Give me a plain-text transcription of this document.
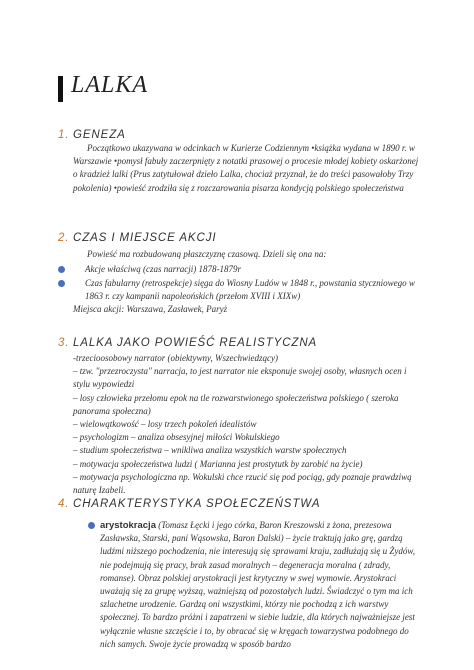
LALKA
1. GENEZA

Początkowo ukazywana w odcinkach w Kurierze Codziennym •książka wydana w 1890 r. w Warszawie •pomysł fabuły zaczerpnięty z notatki prasowej o procesie młodej kobiety oskarżonej o kradzież lalki (Prus zatytułował dzieło Lalka, chociaż przyznał, że do treści pasowałoby Trzy pokolenia) •powieść zrodziła się z rozczarowania pisarza kondycją polskiego społeczeństwa

2. CZAS I MIEJSCE AKCJI

Powieść ma rozbudowaną płaszczyznę czasową. Dzieli się ona na:

Akcje właściwą (czas narracji) 1878-1879r

Czas fabularny (retrospekcje) sięga do Wiosny Ludów w 1848 r., powstania styczniowego w 1863 r. czy kampanii napoleońskich (przełom XVIII i XIXw)

Miejsca akcji: Warszawa, Zasławek, Paryż

3. LALKA JAKO POWIEŚĆ REALISTYCZNA
-trzecioosobowy narrator (obiektywny, Wszechwiedzący)
– tzw. "przezroczysta" narracja, to jest narrator nie eksponuje swojej osoby, własnych ocen i stylu wypowiedzi
– losy człowieka przełomu epok na tle rozwarstwionego społeczeństwa polskiego ( szeroka panorama społeczna)
– wielowątkowość – losy trzech pokoleń idealistów
– psychologizm – analiza obsesyjnej miłości Wokulskiego
– studium społeczeństwa – wnikliwa analiza wszystkich warstw społecznych
– motywacja społeczeństwa ludzi ( Marianna jest prostytutk by zarobić na życie)
– motywacja psychologiczna np. Wokulski chce rzucić się pod pociąg, gdy poznaje prawdziwą naturę Izabeli.
4. CHARAKTERYSTYKA SPOŁECZEŃSTWA

arystokracja (Tomasz Łęcki i jego córka, Baron Kreszowski z żona, prezesowa Zasławska, Starski, pani Wąsowska, Baron Dalski) – życie traktują jako grę, gardzą ludźmi niższego pochodzenia, nie interesują się sprawami kraju, zadłużają się u Żydów, nie podejmują się pracy, brak zasad moralnych – degeneracja moralna ( zdrady, romanse). Obraz polskiej arystokracji jest krytyczny w swej wymowie. Arystokraci uważają się za grupę wyższą, ważniejszą od pozostałych ludzi. Świadczyć o tym ma ich szlachetne urodzenie. Gardzą oni wszystkimi, którzy nie pochodzą z ich warstwy społecznej. To bardzo próżni i zapatrzeni w siebie ludzie, dla których najważniejsze jest wyłącznie własne szczęście i to, by obracać się w kręgach towarzystwa podobnego do nich samych. Swoje życie prowadzą w sposób bardzo
